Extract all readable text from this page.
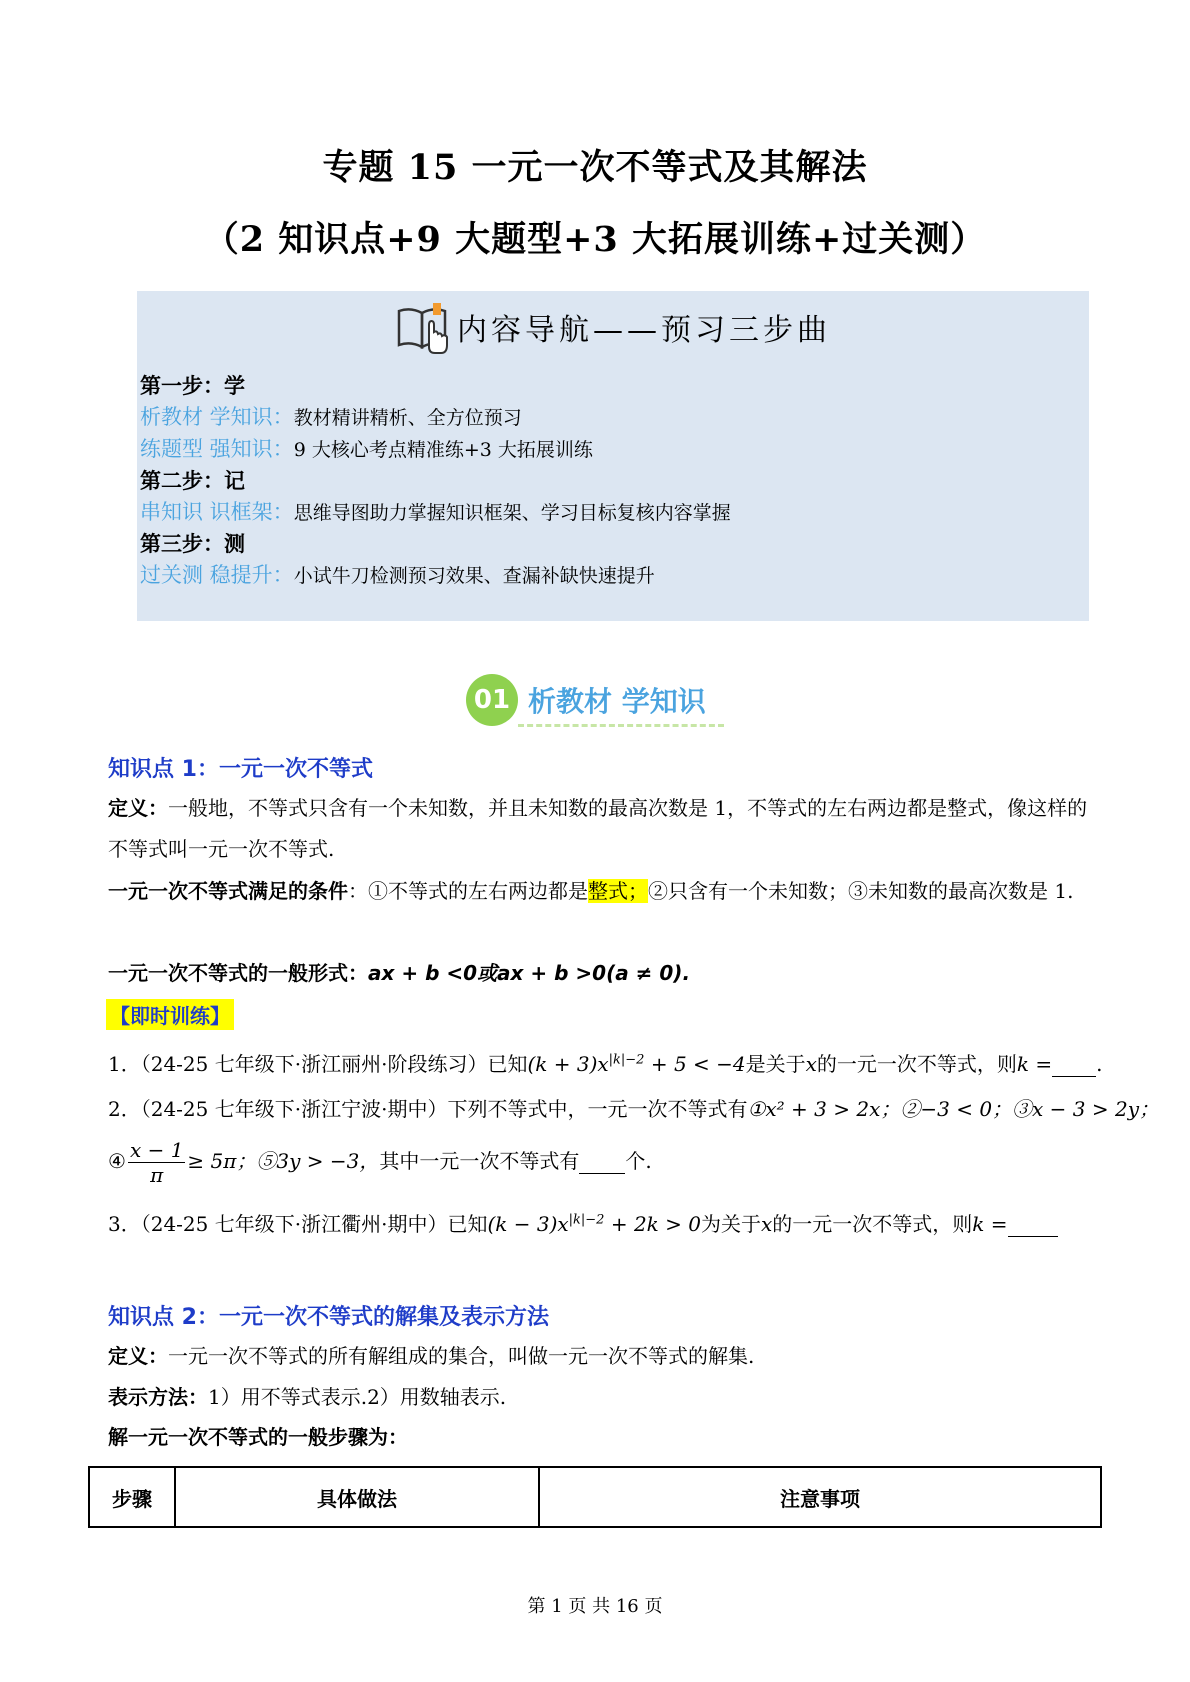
专题 15 一元一次不等式及其解法
（2 知识点+9 大题型+3 大拓展训练+过关测）
内容导航——预习三步曲
第一步：学
析教材 学知识：教材精讲精析、全方位预习
练题型 强知识：9 大核心考点精准练+3 大拓展训练
第二步：记
串知识 识框架：思维导图助力掌握知识框架、学习目标复核内容掌握
第三步：测
过关测 稳提升：小试牛刀检测预习效果、查漏补缺快速提升
01 析教材 学知识
知识点 1：一元一次不等式
定义：一般地，不等式只含有一个未知数，并且未知数的最高次数是 1，不等式的左右两边都是整式，像这样的不等式叫一元一次不等式.
一元一次不等式满足的条件：①不等式的左右两边都是整式；②只含有一个未知数；③未知数的最高次数是 1.
一元一次不等式的一般形式：ax + b <0或ax + b >0(a ≠ 0).
【即时训练】
1．（24-25 七年级下·浙江丽州·阶段练习）已知$(k + 3)x^{|k|-2} + 5 < -4$是关于x的一元一次不等式，则k = .
2．（24-25 七年级下·浙江宁波·期中）下列不等式中，一元一次不等式有①x² + 3 > 2x；②−3 < 0；③x − 3 > 2y；
④ $\frac{x - 1}{\pi} \ge 5\pi$；⑤3y > −3，其中一元一次不等式有 个.
3．（24-25 七年级下·浙江衢州·期中）已知$(k - 3)x^{|k|-2} + 2k > 0$为关于x的一元一次不等式，则k =
知识点 2：一元一次不等式的解集及表示方法
定义：一元一次不等式的所有解组成的集合，叫做一元一次不等式的解集.
表示方法：1）用不等式表示.2）用数轴表示.
解一元一次不等式的一般步骤为：
步骤	具体做法	注意事项
第 1 页 共 16 页
